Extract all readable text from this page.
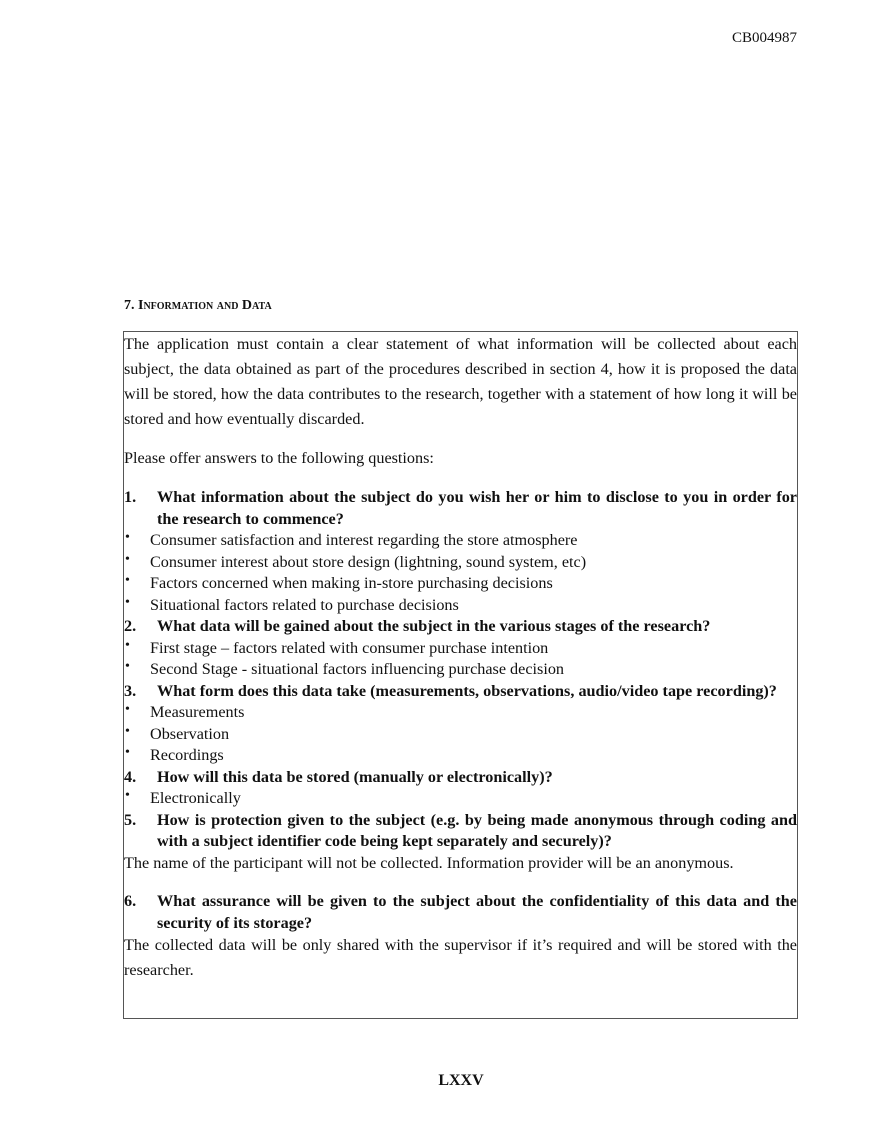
CB004987
7. Information and Data

The application must contain a clear statement of what information will be collected about each subject, the data obtained as part of the procedures described in section 4, how it is proposed the data will be stored, how the data contributes to the research, together with a statement of how long it will be stored and how eventually discarded.

Please offer answers to the following questions:

1. What information about the subject do you wish her or him to disclose to you in order for the research to commence?
• Consumer satisfaction and interest regarding the store atmosphere
• Consumer interest about store design (lightning, sound system, etc)
• Factors concerned when making in-store purchasing decisions
• Situational factors related to purchase decisions
2. What data will be gained about the subject in the various stages of the research?
• First stage – factors related with consumer purchase intention
• Second Stage - situational factors influencing purchase decision
3. What form does this data take (measurements, observations, audio/video tape recording)?
• Measurements
• Observation
• Recordings
4. How will this data be stored (manually or electronically)?
• Electronically
5. How is protection given to the subject (e.g. by being made anonymous through coding and with a subject identifier code being kept separately and securely)?
The name of the participant will not be collected. Information provider will be an anonymous.
6. What assurance will be given to the subject about the confidentiality of this data and the security of its storage?
The collected data will be only shared with the supervisor if it’s required and will be stored with the researcher.
LXXV
